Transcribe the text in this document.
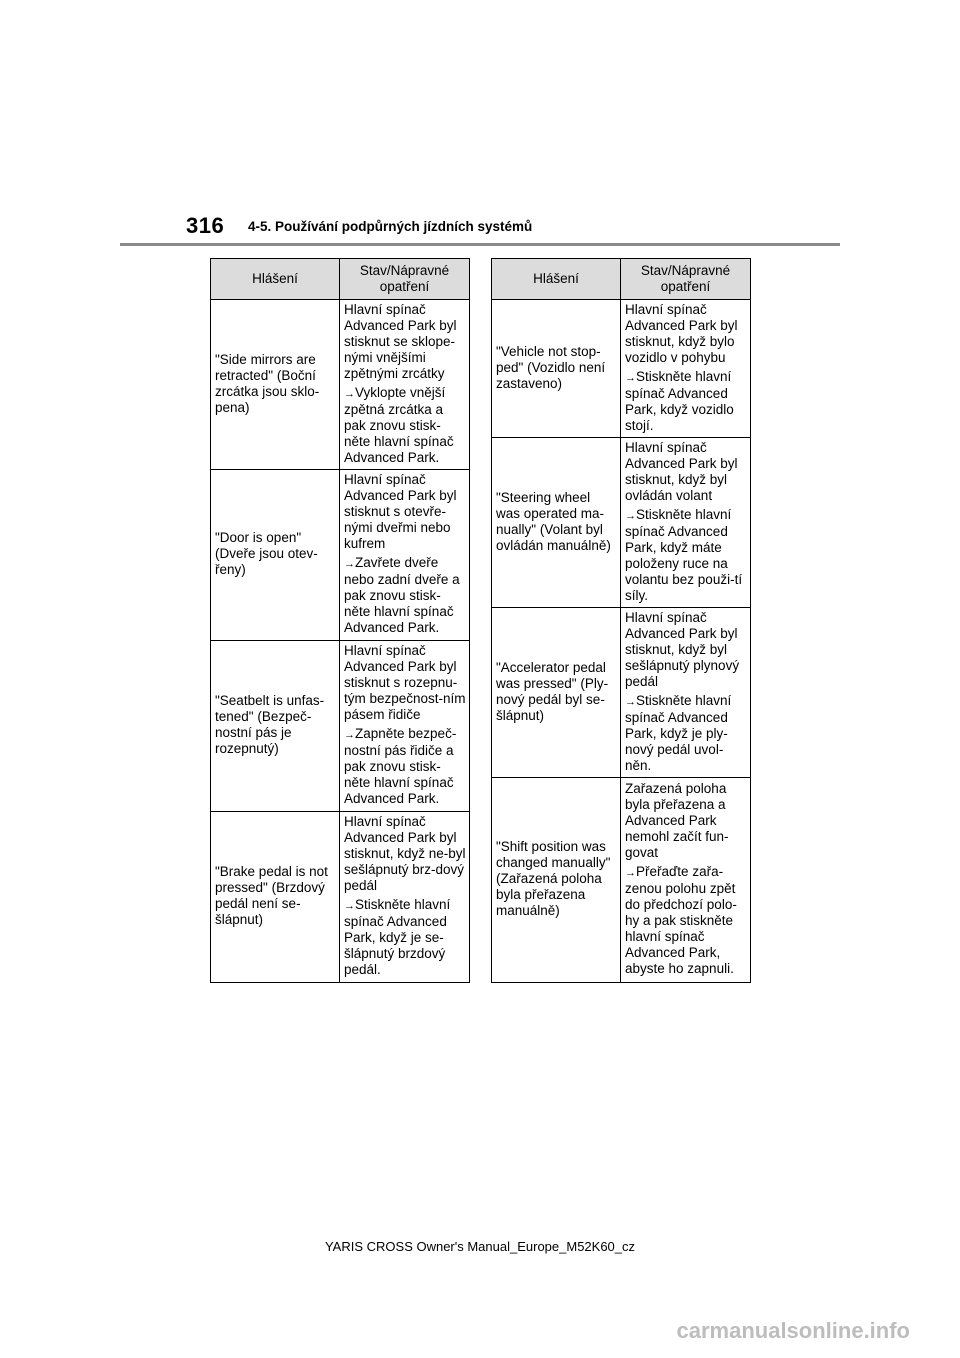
316 4-5. Používání podpůrných jízdních systémů
Hlášení	Stav/Nápravné opatření
"Side mirrors are retracted" (Boční zrcátka jsou sklo-pena)	Hlavní spínač Advanced Park byl stisknut se sklope-nými vnějšími zpětnými zrcátky
→Vyklopte vnější zpětná zrcátka a pak znovu stisk-něte hlavní spínač Advanced Park.

"Door is open" (Dveře jsou otev-řeny)	Hlavní spínač Advanced Park byl stisknut s otevře-nými dveřmi nebo kufrem
→Zavřete dveře nebo zadní dveře a pak znovu stisk-něte hlavní spínač Advanced Park.

"Seatbelt is unfas-tened" (Bezpeč-nostní pás je rozepnutý)	Hlavní spínač Advanced Park byl stisknut s rozepnu-tým bezpečnost-ním pásem řidiče
→Zapněte bezpeč-nostní pás řidiče a pak znovu stisk-něte hlavní spínač Advanced Park.

"Brake pedal is not pressed" (Brzdový pedál není se-šlápnut)	Hlavní spínač Advanced Park byl stisknut, když ne-byl sešlápnutý brz-dový pedál
→Stiskněte hlavní spínač Advanced Park, když je se-šlápnutý brzdový pedál.
Hlášení	Stav/Nápravné opatření
"Vehicle not stop-ped" (Vozidlo není zastaveno)	Hlavní spínač Advanced Park byl stisknut, když bylo vozidlo v pohybu
→Stiskněte hlavní spínač Advanced Park, když vozidlo stojí.

"Steering wheel was operated ma-nually" (Volant byl ovládán manuálně)	Hlavní spínač Advanced Park byl stisknut, když byl ovládán volant
→Stiskněte hlavní spínač Advanced Park, když máte položeny ruce na volantu bez použi-tí síly.

"Accelerator pedal was pressed" (Ply-nový pedál byl se-šlápnut)	Hlavní spínač Advanced Park byl stisknut, když byl sešlápnutý plynový pedál
→Stiskněte hlavní spínač Advanced Park, když je ply-nový pedál uvol-něn.

"Shift position was changed manually" (Zařazená poloha byla přeřazena manuálně)	Zařazená poloha byla přeřazena a Advanced Park nemohl začít fun-govat
→Přeřaďte zařa-zenou polohu zpět do předchozí polo-hy a pak stiskněte hlavní spínač Advanced Park, abyste ho zapnuli.
YARIS CROSS Owner's Manual_Europe_M52K60_cz
carmanualsonline.info
